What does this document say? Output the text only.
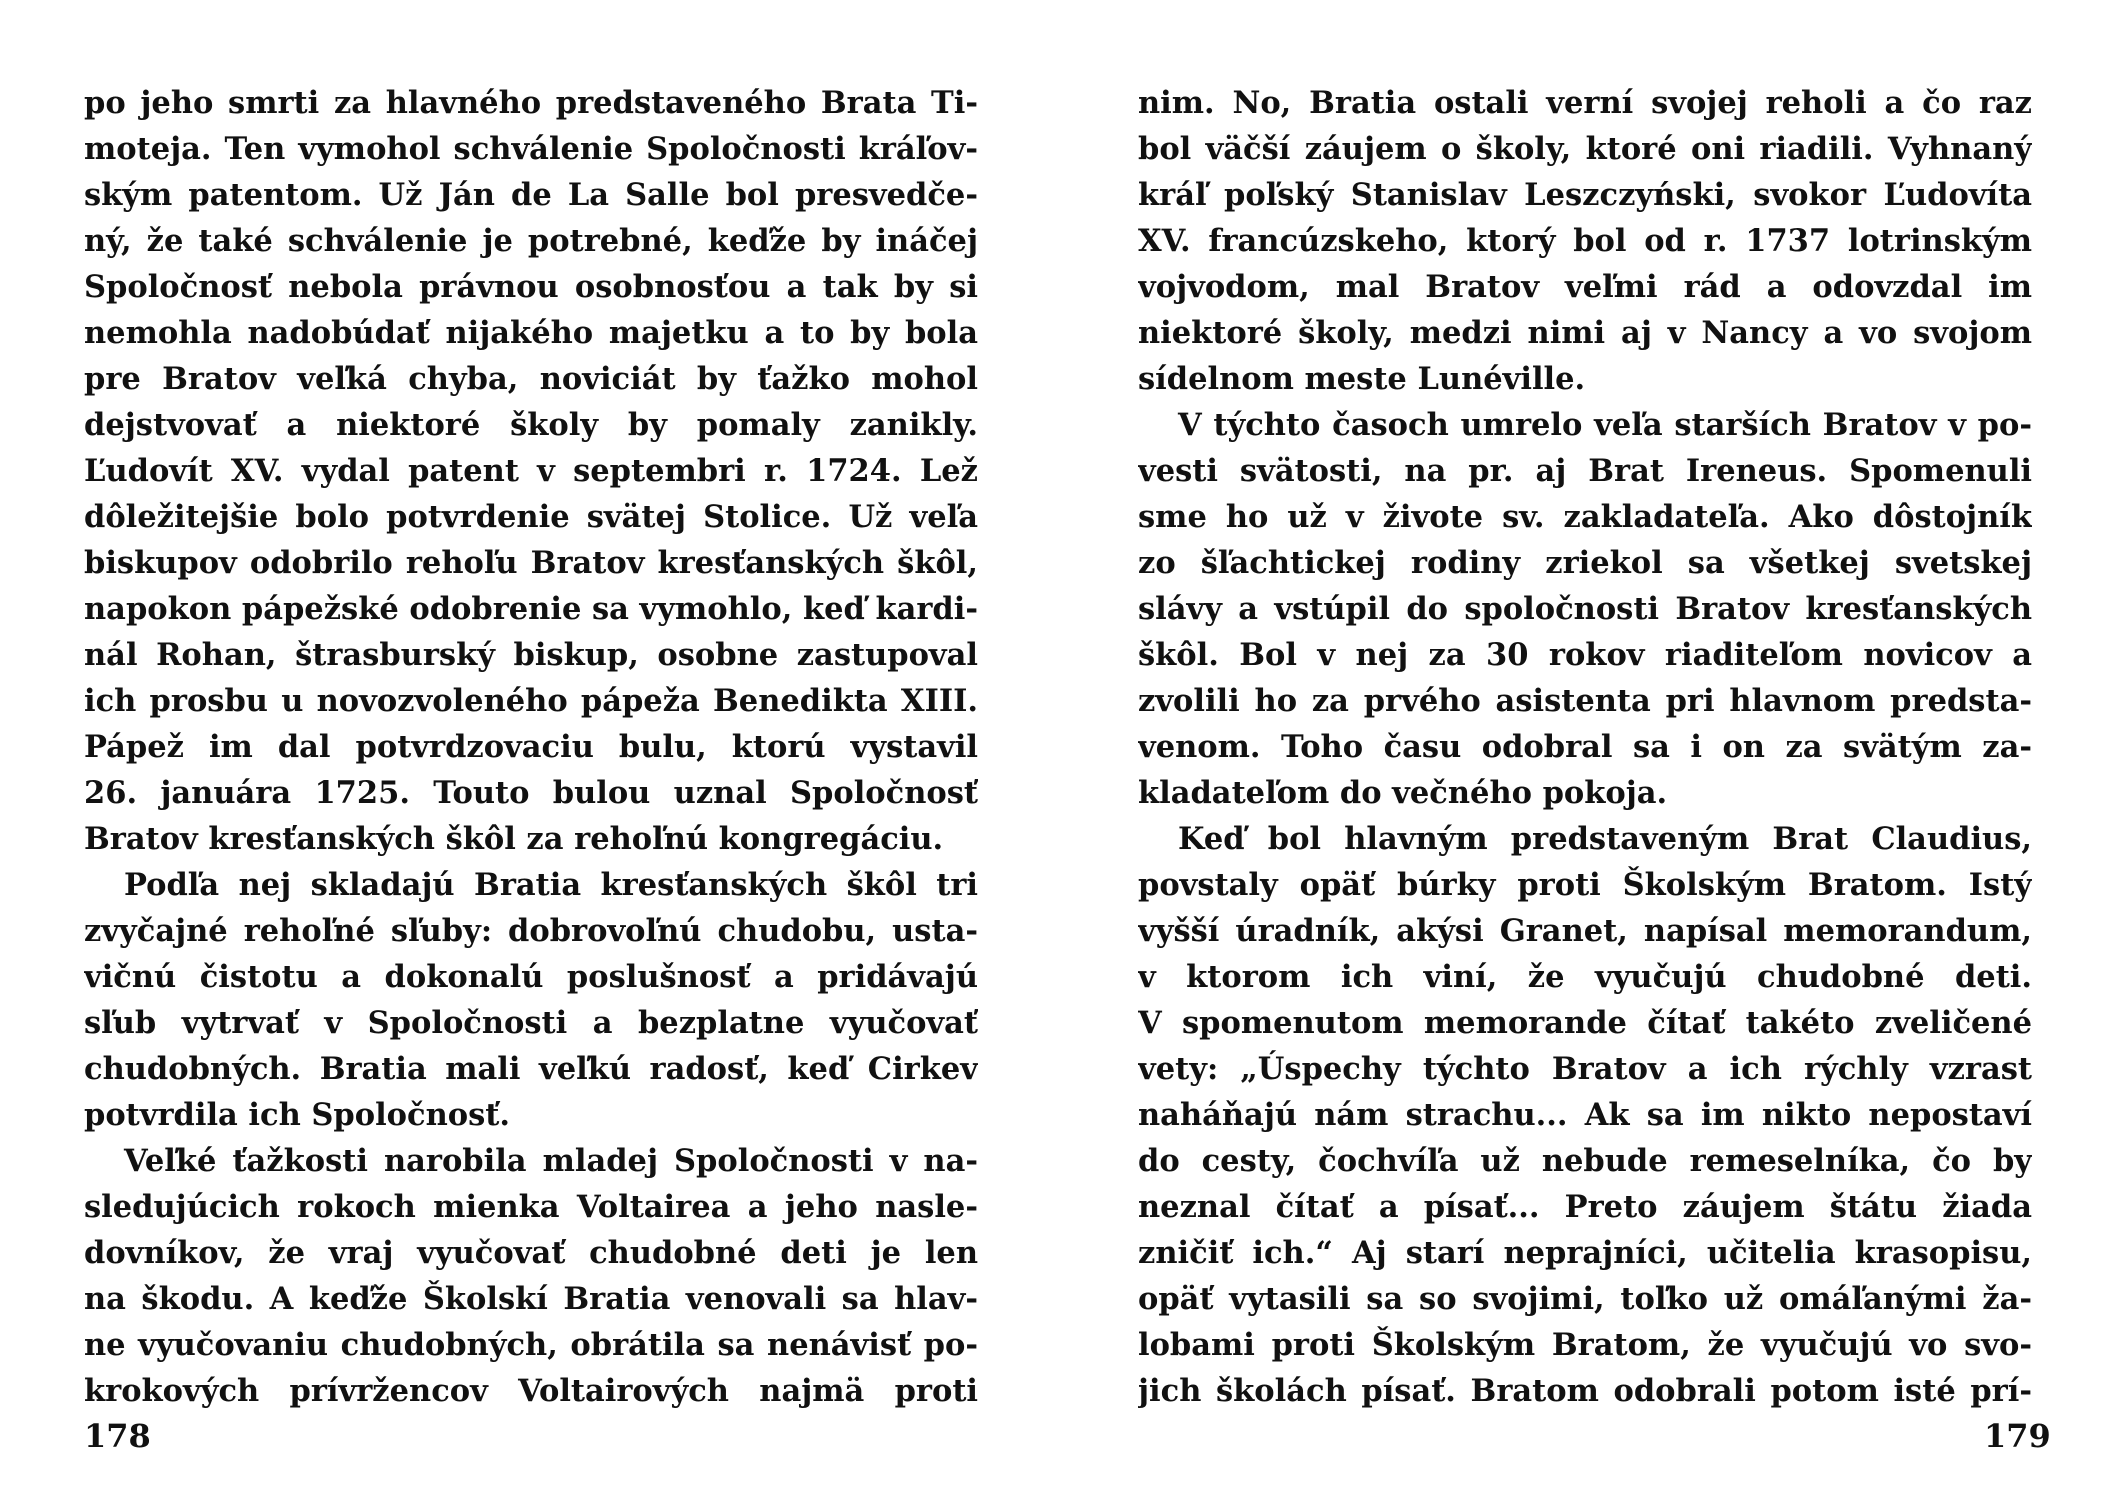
po jeho smrti za hlavného predstaveného Brata Ti-
moteja. Ten vymohol schválenie Spoločnosti kráľov-
ským patentom. Už Ján de La Salle bol presvedče-
ný, že také schválenie je potrebné, keďže by ináčej
Spoločnosť nebola právnou osobnosťou a tak by si
nemohla nadobúdať nijakého majetku a to by bola
pre Bratov veľká chyba, noviciát by ťažko mohol
dejstvovať a niektoré školy by pomaly zanikly.
Ľudovít XV. vydal patent v septembri r. 1724. Lež
dôležitejšie bolo potvrdenie svätej Stolice. Už veľa
biskupov odobrilo rehoľu Bratov kresťanských škôl,
napokon pápežské odobrenie sa vymohlo, keď kardi-
nál Rohan, štrasburský biskup, osobne zastupoval
ich prosbu u novozvoleného pápeža Benedikta XIII.
Pápež im dal potvrdzovaciu bulu, ktorú vystavil
26. januára 1725. Touto bulou uznal Spoločnosť
Bratov kresťanských škôl za rehoľnú kongregáciu.
Podľa nej skladajú Bratia kresťanských škôl tri
zvyčajné rehoľné sľuby: dobrovoľnú chudobu, usta-
vičnú čistotu a dokonalú poslušnosť a pridávajú
sľub vytrvať v Spoločnosti a bezplatne vyučovať
chudobných. Bratia mali veľkú radosť, keď Cirkev
potvrdila ich Spoločnosť.
Veľké ťažkosti narobila mladej Spoločnosti v na-
sledujúcich rokoch mienka Voltairea a jeho nasle-
dovníkov, že vraj vyučovať chudobné deti je len
na škodu. A keďže Školskí Bratia venovali sa hlav-
ne vyučovaniu chudobných, obrátila sa nenávisť po-
krokových prívržencov Voltairových najmä proti
178
nim. No, Bratia ostali verní svojej reholi a čo raz
bol väčší záujem o školy, ktoré oni riadili. Vyhnaný
kráľ poľský Stanislav Leszczyński, svokor Ľudovíta
XV. francúzskeho, ktorý bol od r. 1737 lotrinským
vojvodom, mal Bratov veľmi rád a odovzdal im
niektoré školy, medzi nimi aj v Nancy a vo svojom
sídelnom meste Lunéville.
V týchto časoch umrelo veľa starších Bratov v po-
vesti svätosti, na pr. aj Brat Ireneus. Spomenuli
sme ho už v živote sv. zakladateľa. Ako dôstojník
zo šľachtickej rodiny zriekol sa všetkej svetskej
slávy a vstúpil do spoločnosti Bratov kresťanských
škôl. Bol v nej za 30 rokov riaditeľom novicov a
zvolili ho za prvého asistenta pri hlavnom predsta-
venom. Toho času odobral sa i on za svätým za-
kladateľom do večného pokoja.
Keď bol hlavným predstaveným Brat Claudius,
povstaly opäť búrky proti Školským Bratom. Istý
vyšší úradník, akýsi Granet, napísal memorandum,
v ktorom ich viní, že vyučujú chudobné deti.
V spomenutom memorande čítať takéto zveličené
vety: „Úspechy týchto Bratov a ich rýchly vzrast
naháňajú nám strachu... Ak sa im nikto nepostaví
do cesty, čochvíľa už nebude remeselníka, čo by
neznal čítať a písať... Preto záujem štátu žiada
zničiť ich.“ Aj starí neprajníci, učitelia krasopisu,
opäť vytasili sa so svojimi, toľko už omáľanými ža-
lobami proti Školským Bratom, že vyučujú vo svo-
jich školách písať. Bratom odobrali potom isté prí-
179
